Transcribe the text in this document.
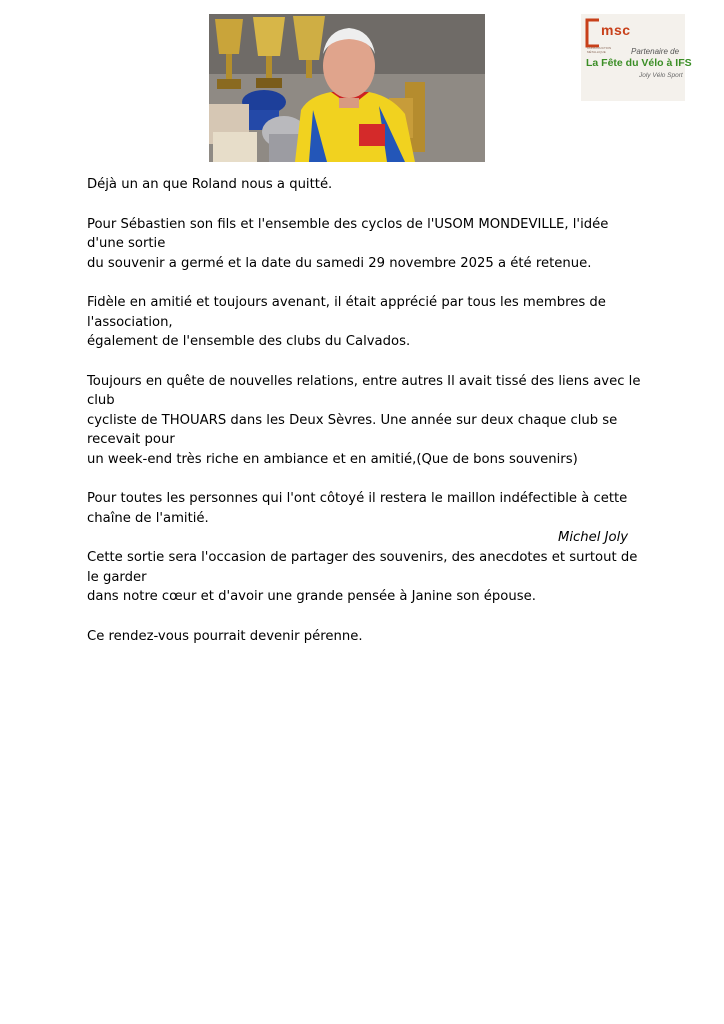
msc
CONSTRUCTION MÉTALLIQUE	Partenaire de
La Fête du Vélo à IFS
Joly Vélo Sport

Déjà un an que Roland nous a quitté.

Pour Sébastien son fils et l'ensemble des cyclos de l'USOM MONDEVILLE, l'idée d'une sortie
du souvenir a germé et la date du samedi 29 novembre 2025 a été retenue.

Fidèle en amitié et toujours avenant, il était apprécié par tous les membres de l'association,
également de l'ensemble des clubs du Calvados.

Toujours en quête de nouvelles relations, entre autres Il avait tissé des liens avec le club
cycliste de THOUARS dans les Deux Sèvres. Une année sur deux chaque club se recevait pour
un week-end très riche en ambiance et en amitié,(Que de bons souvenirs)

Pour toutes les personnes qui l'ont côtoyé il restera le maillon indéfectible à cette
chaîne de l'amitié.

Cette sortie sera l'occasion de partager des souvenirs, des anecdotes et surtout de le garder
dans notre cœur et d'avoir une grande pensée à Janine son épouse.

Ce rendez-vous pourrait devenir pérenne.

Michel Joly
